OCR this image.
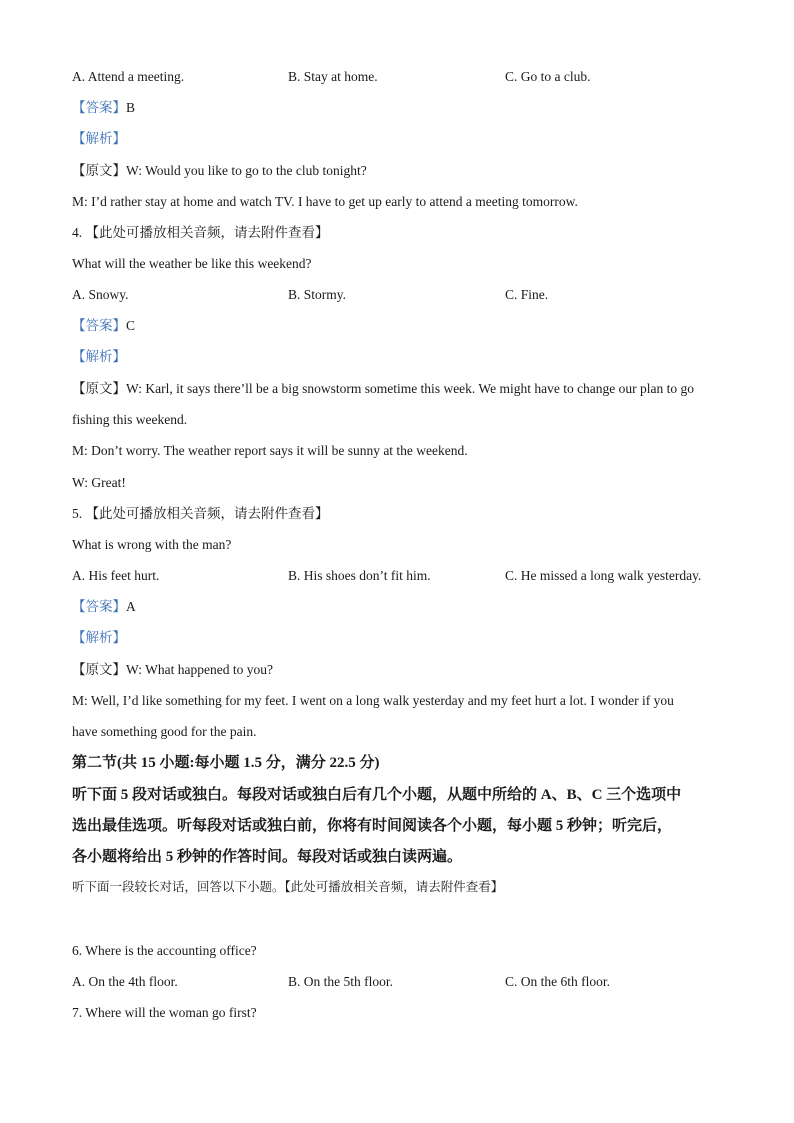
A. Attend a meeting.	B. Stay at home.	C. Go to a club.
【答案】B
【解析】
【原文】W: Would you like to go to the club tonight?
M: I’d rather stay at home and watch TV. I have to get up early to attend a meeting tomorrow.
4. 【此处可播放相关音频，请去附件查看】
What will the weather be like this weekend?
A. Snowy.	B. Stormy.	C. Fine.
【答案】C
【解析】
【原文】W: Karl, it says there’ll be a big snowstorm sometime this week. We might have to change our plan to go
fishing this weekend.
M: Don’t worry. The weather report says it will be sunny at the weekend.
W: Great!
5. 【此处可播放相关音频，请去附件查看】
What is wrong with the man?
A. His feet hurt.	B. His shoes don’t fit him.	C. He missed a long walk yesterday.
【答案】A
【解析】
【原文】W: What happened to you?
M: Well, I’d like something for my feet. I went on a long walk yesterday and my feet hurt a lot. I wonder if you
have something good for the pain.
第二节(共 15 小题:每小题 1.5 分，满分 22.5 分)
听下面 5 段对话或独白。每段对话或独白后有几个小题，从题中所给的 A、B、C 三个选项中
选出最佳选项。听每段对话或独白前，你将有时间阅读各个小题，每小题 5 秒钟；听完后，
各小题将给出 5 秒钟的作答时间。每段对话或独白读两遍。
听下面一段较长对话，回答以下小题。【此处可播放相关音频，请去附件查看】
6. Where is the accounting office?
A. On the 4th floor.	B. On the 5th floor.	C. On the 6th floor.
7. Where will the woman go first?
